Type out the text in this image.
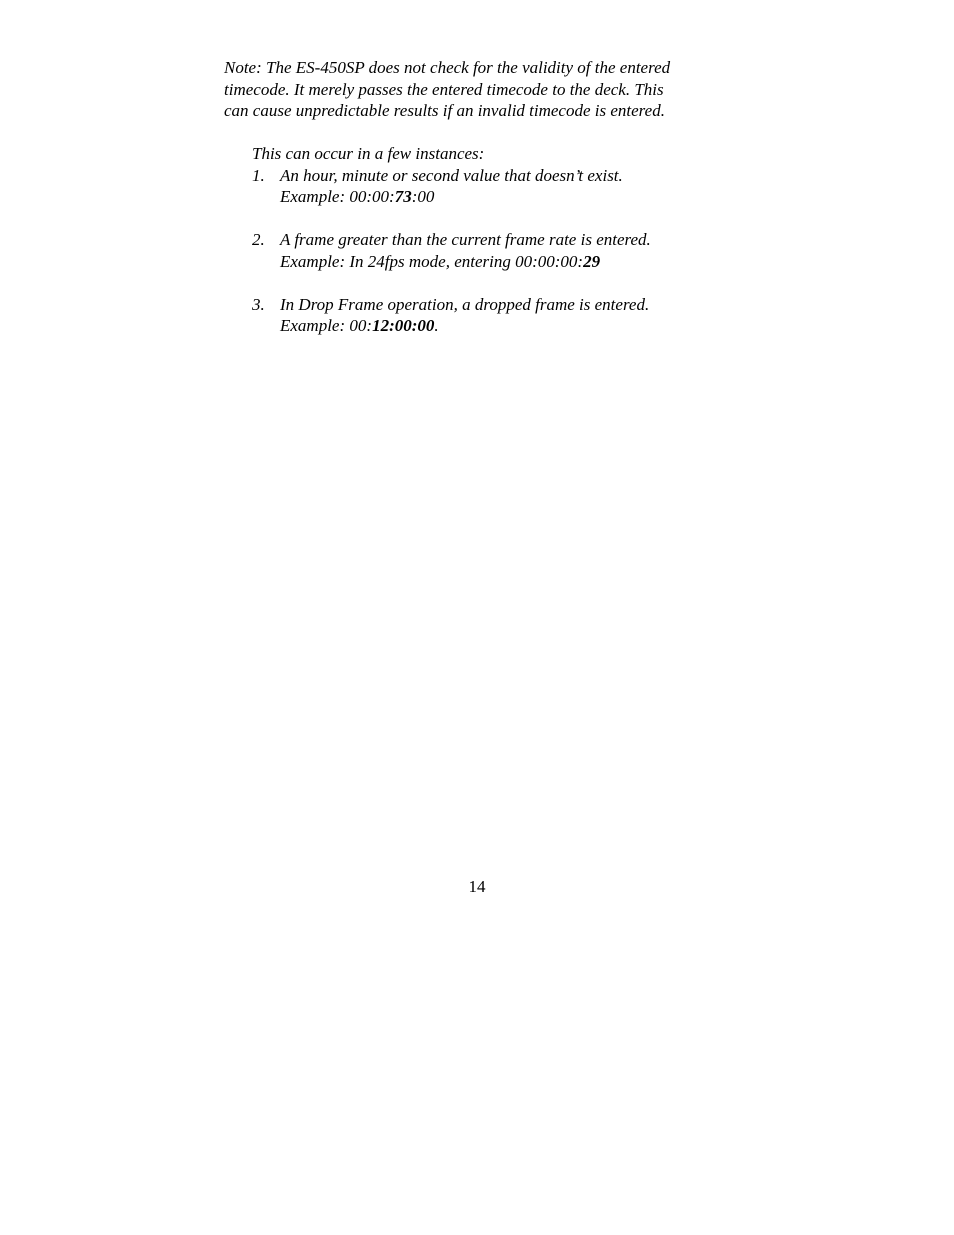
Note: The ES-450SP does not check for the validity of the entered
timecode. It merely passes the entered timecode to the deck. This
can cause unpredictable results if an invalid timecode is entered.
This can occur in a few instances:
1. An hour, minute or second value that doesn’t exist.
Example: 00:00:73:00
2. A frame greater than the current frame rate is entered.
Example: In 24fps mode, entering 00:00:00:29
3. In Drop Frame operation, a dropped frame is entered.
Example: 00:12:00:00.
14
